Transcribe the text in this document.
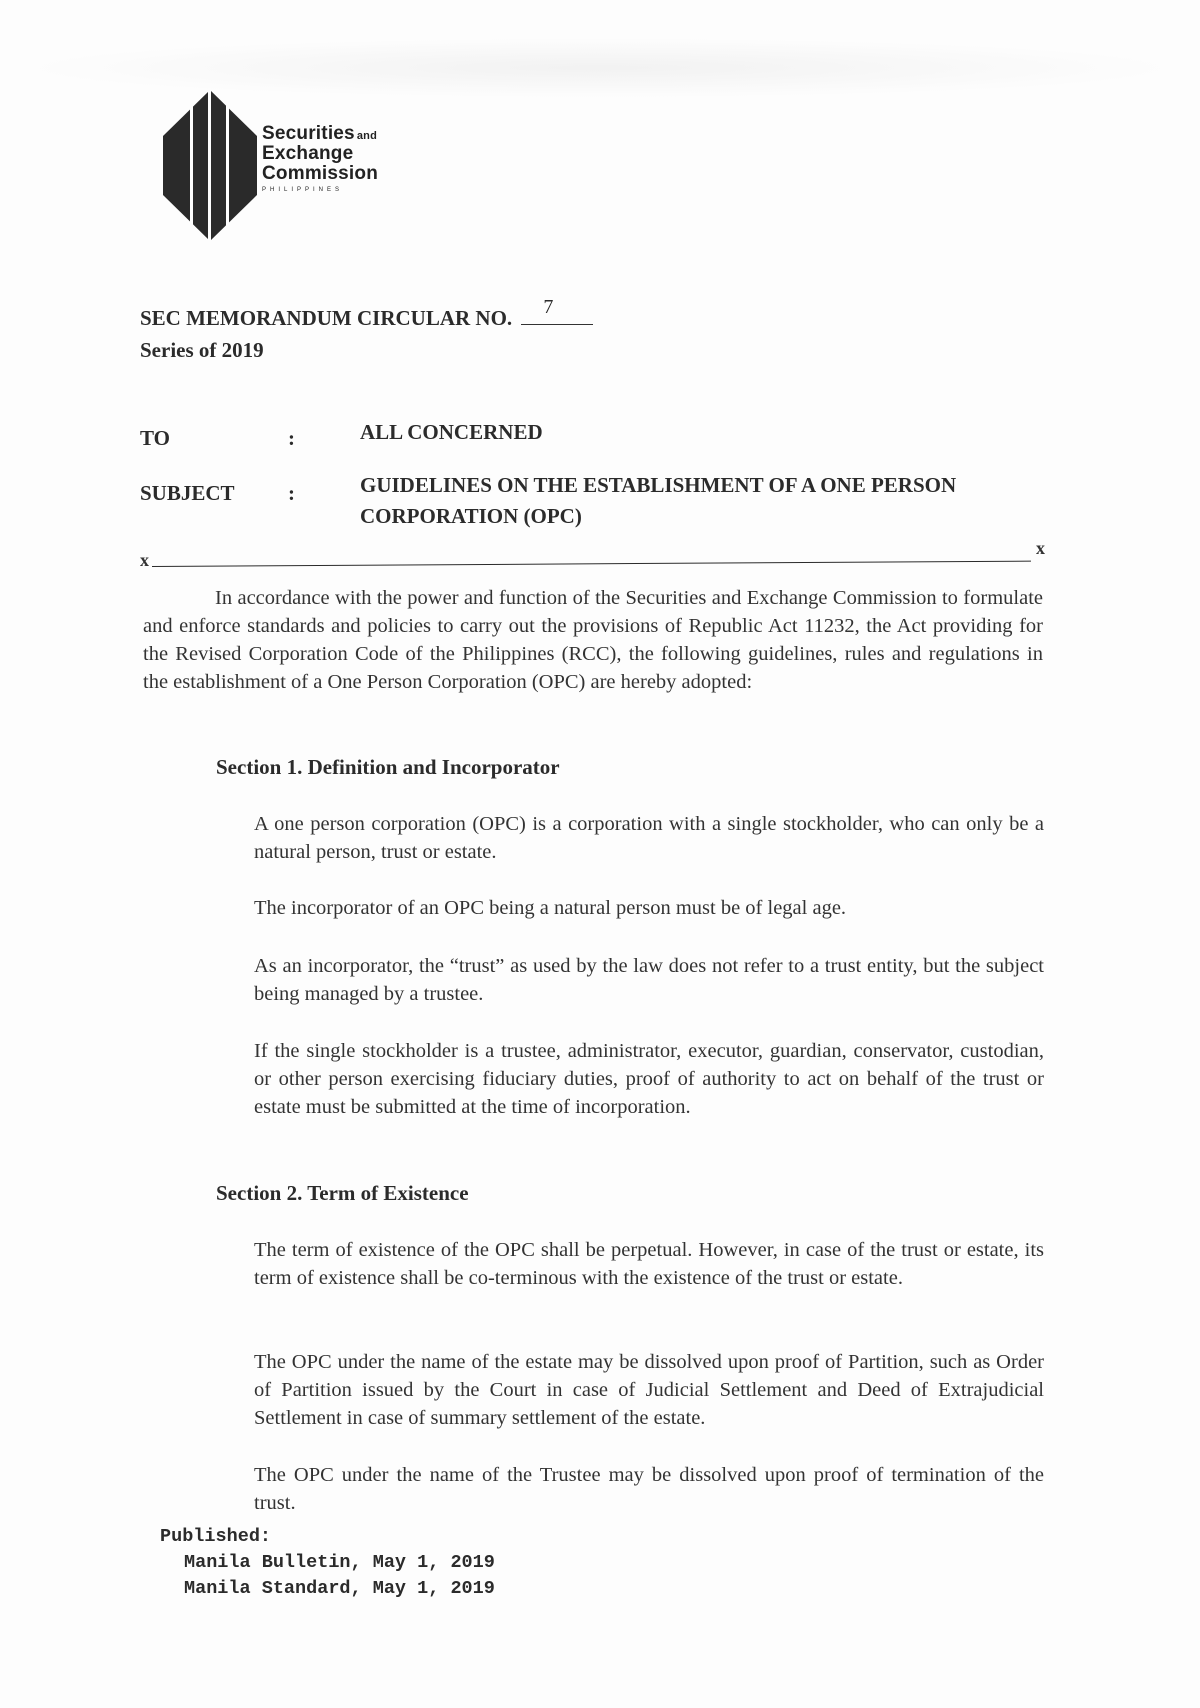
Securities and
Exchange
Commission
PHILIPPINES
SEC MEMORANDUM CIRCULAR NO. 7
Series of 2019
TO	:	ALL CONCERNED
SUBJECT	:	GUIDELINES ON THE ESTABLISHMENT OF A ONE PERSON CORPORATION (OPC)
x
x
In accordance with the power and function of the Securities and Exchange Commission to formulate and enforce standards and policies to carry out the provisions of Republic Act 11232, the Act providing for the Revised Corporation Code of the Philippines (RCC), the following guidelines, rules and regulations in the establishment of a One Person Corporation (OPC) are hereby adopted:
Section 1. Definition and Incorporator
A one person corporation (OPC) is a corporation with a single stockholder, who can only be a natural person, trust or estate.
The incorporator of an OPC being a natural person must be of legal age.
As an incorporator, the “trust” as used by the law does not refer to a trust entity, but the subject being managed by a trustee.
If the single stockholder is a trustee, administrator, executor, guardian, conservator, custodian, or other person exercising fiduciary duties, proof of authority to act on behalf of the trust or estate must be submitted at the time of incorporation.
Section 2. Term of Existence
The term of existence of the OPC shall be perpetual. However, in case of the trust or estate, its term of existence shall be co-terminous with the existence of the trust or estate.
The OPC under the name of the estate may be dissolved upon proof of Partition, such as Order of Partition issued by the Court in case of Judicial Settlement and Deed of Extrajudicial Settlement in case of summary settlement of the estate.
The OPC under the name of the Trustee may be dissolved upon proof of termination of the trust.
Published:
Manila Bulletin, May 1, 2019
Manila Standard, May 1, 2019
